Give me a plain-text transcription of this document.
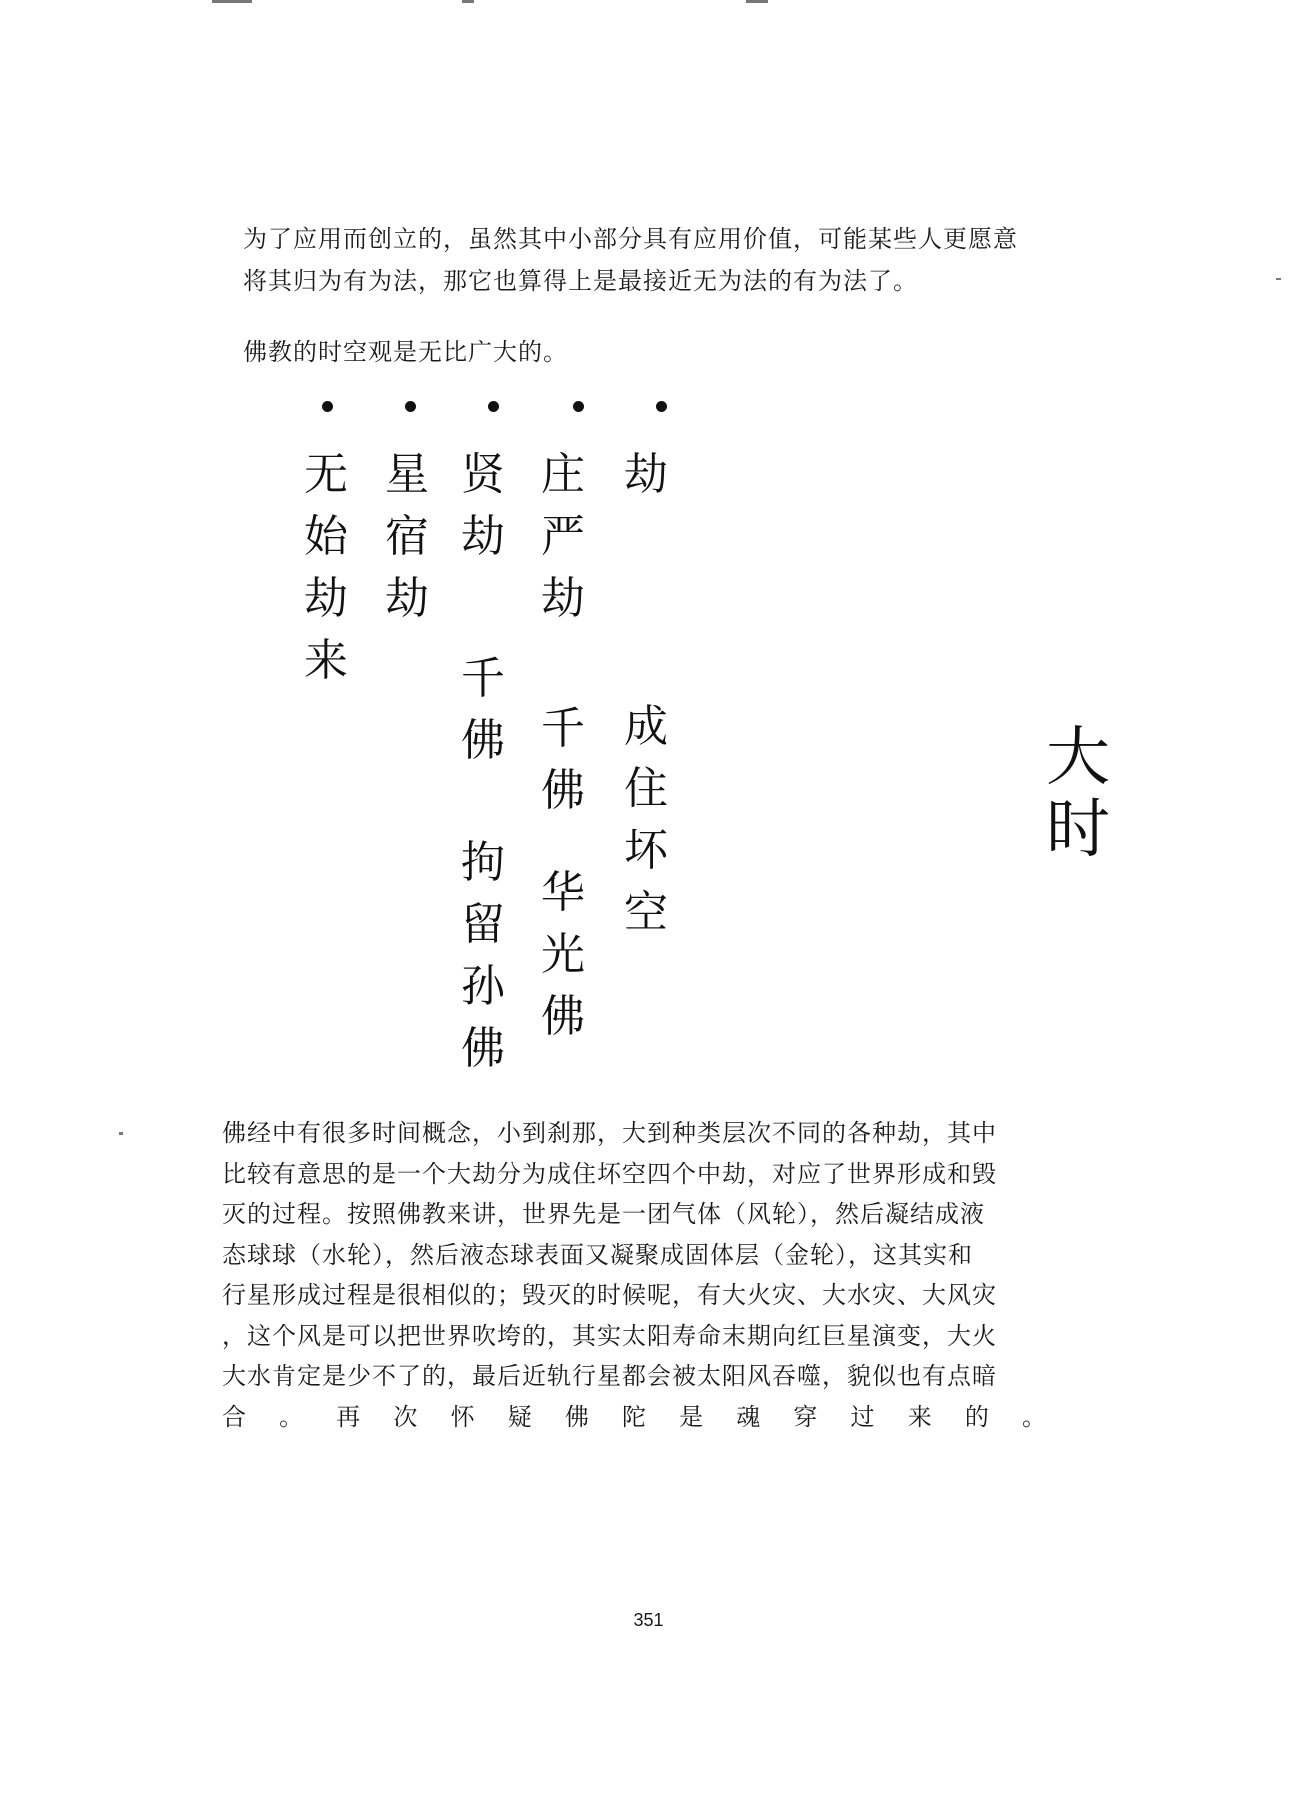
为了应用而创立的，虽然其中小部分具有应用价值，可能某些人更愿意
将其归为有为法，那它也算得上是最接近无为法的有为法了。
佛教的时空观是无比广大的。
无
始
劫
来
星
宿
劫
贤
劫
千
佛
拘
留
孙
佛
庄
严
劫
千
佛
华
光
佛
劫
成
住
坏
空
大
时
佛经中有很多时间概念，小到刹那，大到种类层次不同的各种劫，其中
比较有意思的是一个大劫分为成住坏空四个中劫，对应了世界形成和毁
灭的过程。按照佛教来讲，世界先是一团气体（风轮），然后凝结成液
态球球（水轮），然后液态球表面又凝聚成固体层（金轮），这其实和
行星形成过程是很相似的；毁灭的时候呢，有大火灾、大水灾、大风灾
，这个风是可以把世界吹垮的，其实太阳寿命末期向红巨星演变，大火
大水肯定是少不了的，最后近轨行星都会被太阳风吞噬，貌似也有点暗
合 。 再 次 怀 疑 佛 陀 是 魂 穿 过 来 的 。
351
